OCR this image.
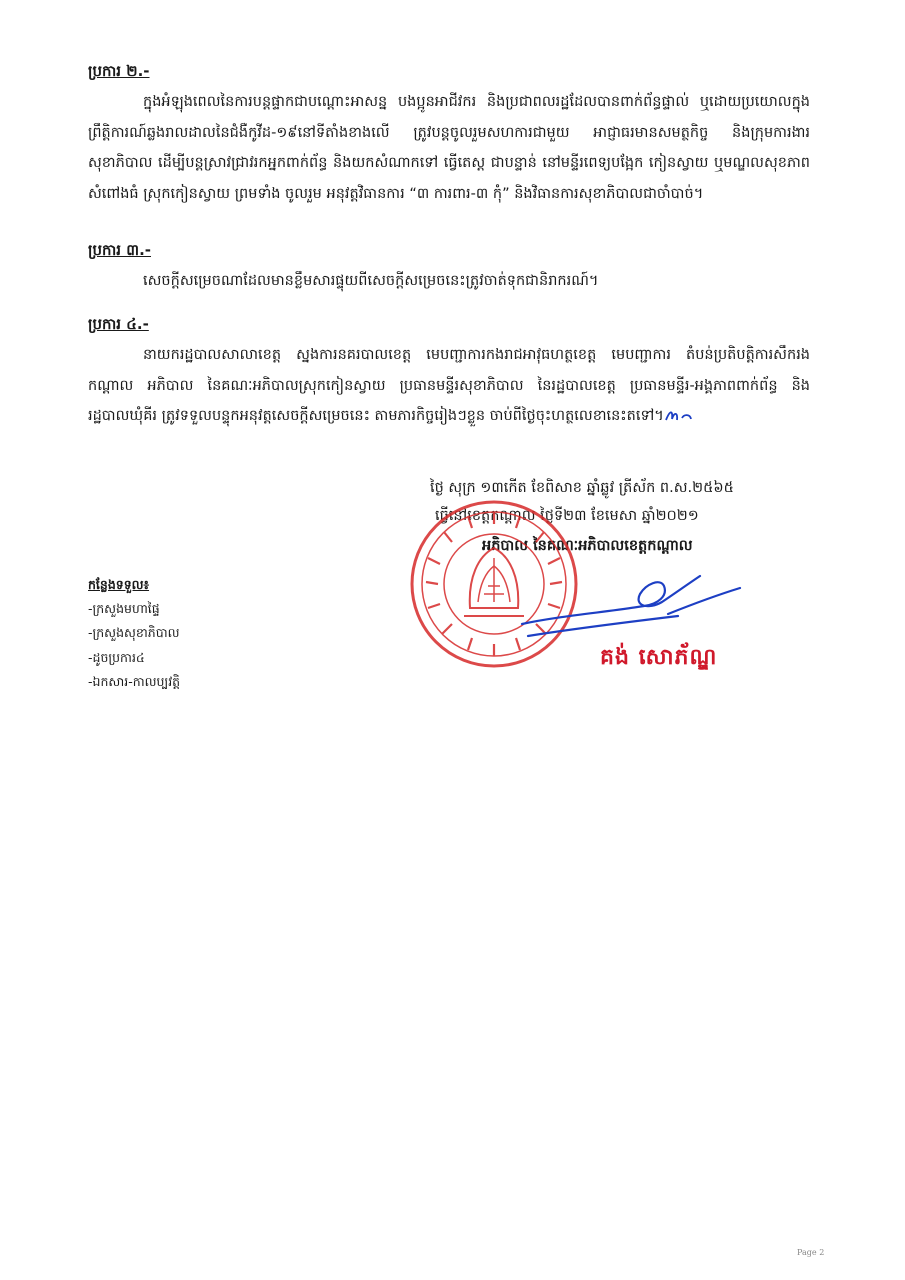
ប្រការ ២.-
ក្នុងអំឡុងពេលនៃការបន្តផ្ទាកជាបណ្ដោះអាសន្ន បងប្អូនអាជីវករ និងប្រជាពលរដ្ឋដែលបានពាក់ព័ន្ធផ្ទាល់ ឬដោយប្រយោលក្នុងព្រឹត្តិការណ៍ឆ្លងរាលដាលនៃជំងឺកូវីដ-១៩នៅទីតាំងខាងលើ ត្រូវបន្តចូលរួមសហការជាមួយ អាជ្ញាធរមានសមត្ថកិច្ច និងក្រុមការងារសុខាភិបាល ដើម្បីបន្តស្រាវជ្រាវរកអ្នកពាក់ព័ន្ធ និងយកសំណាកទៅ ធ្វើតេស្ត ជាបន្ទាន់ នៅមន្ទីរពេទ្យបង្អែក កៀនស្វាយ ឬមណ្ឌលសុខភាព សំពៅងធំ ស្រុកកៀនស្វាយ ព្រមទាំង ចូលរួម អនុវត្តវិធានការ “៣ ការពារ-៣ កុំ” និងវិធានការសុខាភិបាលជាចាំបាច់។
ប្រការ ៣.-
សេចក្ដីសម្រេចណាដែលមានខ្លឹមសារផ្ទុយពីសេចក្ដីសម្រេចនេះត្រូវចាត់ទុកជានិរាករណ៍។
ប្រការ ៤.-
នាយករដ្ឋបាលសាលាខេត្ត ស្នងការនគរបាលខេត្ត មេបញ្ជាការកងរាជអាវុធហត្ថខេត្ត មេបញ្ជាការ តំបន់ប្រតិបត្តិការសឹករងកណ្ដាល អភិបាល នៃគណៈអភិបាលស្រុកកៀនស្វាយ ប្រធានមន្ទីរសុខាភិបាល នៃរដ្ឋបាលខេត្ត ប្រធានមន្ទីរ-អង្គភាពពាក់ព័ន្ធ និងរដ្ឋបាលឃុំគីរ ត្រូវទទួលបន្ទុកអនុវត្តសេចក្ដីសម្រេចនេះ តាមភារកិច្ចរៀងៗខ្លួន ចាប់ពីថ្ងៃចុះហត្ថលេខានេះតទៅ។
ថ្ងៃ សុក្រ ១៣កើត ខែពិសាខ ឆ្នាំឆ្លូវ ត្រីស័ក ព.ស.២៥៦៥
ធ្វើនៅខេត្តកណ្ដាល ថ្ងៃទី២៣ ខែមេសា ឆ្នាំ២០២១
អភិបាល នៃគណៈអភិបាលខេត្តកណ្ដាល
គង់ សោភ័ណ្ឌ
កន្លែងទទួល៖
-ក្រសួងមហាផ្ទៃ
-ក្រសួងសុខាភិបាល
-ដូចប្រការ៤
-ឯកសារ-កាលប្បវត្តិ
Page 2
